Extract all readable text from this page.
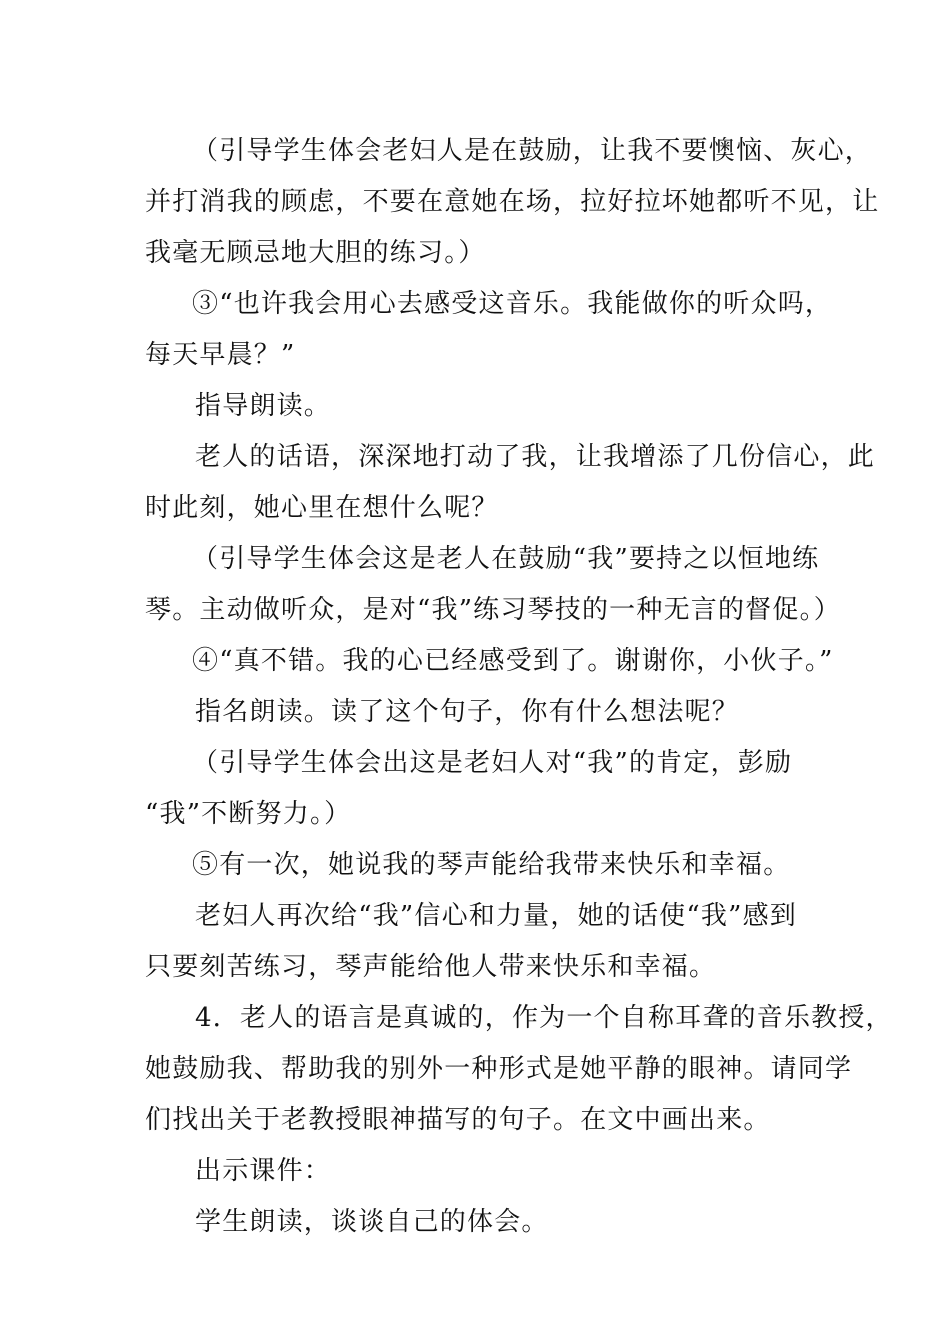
（引导学生体会老妇人是在鼓励，让我不要懊恼、灰心，
并打消我的顾虑，不要在意她在场，拉好拉坏她都听不见，让
我毫无顾忌地大胆的练习。）
③“也许我会用心去感受这音乐。我能做你的听众吗，
每天早晨？”
指导朗读。
老人的话语，深深地打动了我，让我增添了几份信心，此
时此刻，她心里在想什么呢？
（引导学生体会这是老人在鼓励“我”要持之以恒地练
琴。主动做听众，是对“我”练习琴技的一种无言的督促。）
④“真不错。我的心已经感受到了。谢谢你，小伙子。”
指名朗读。读了这个句子，你有什么想法呢？
（引导学生体会出这是老妇人对“我”的肯定，彭励
“我”不断努力。）
⑤有一次，她说我的琴声能给我带来快乐和幸福。
老妇人再次给“我”信心和力量，她的话使“我”感到
只要刻苦练习，琴声能给他人带来快乐和幸福。
4．老人的语言是真诚的，作为一个自称耳聋的音乐教授，
她鼓励我、帮助我的别外一种形式是她平静的眼神。请同学
们找出关于老教授眼神描写的句子。在文中画出来。
出示课件：
学生朗读，谈谈自己的体会。
